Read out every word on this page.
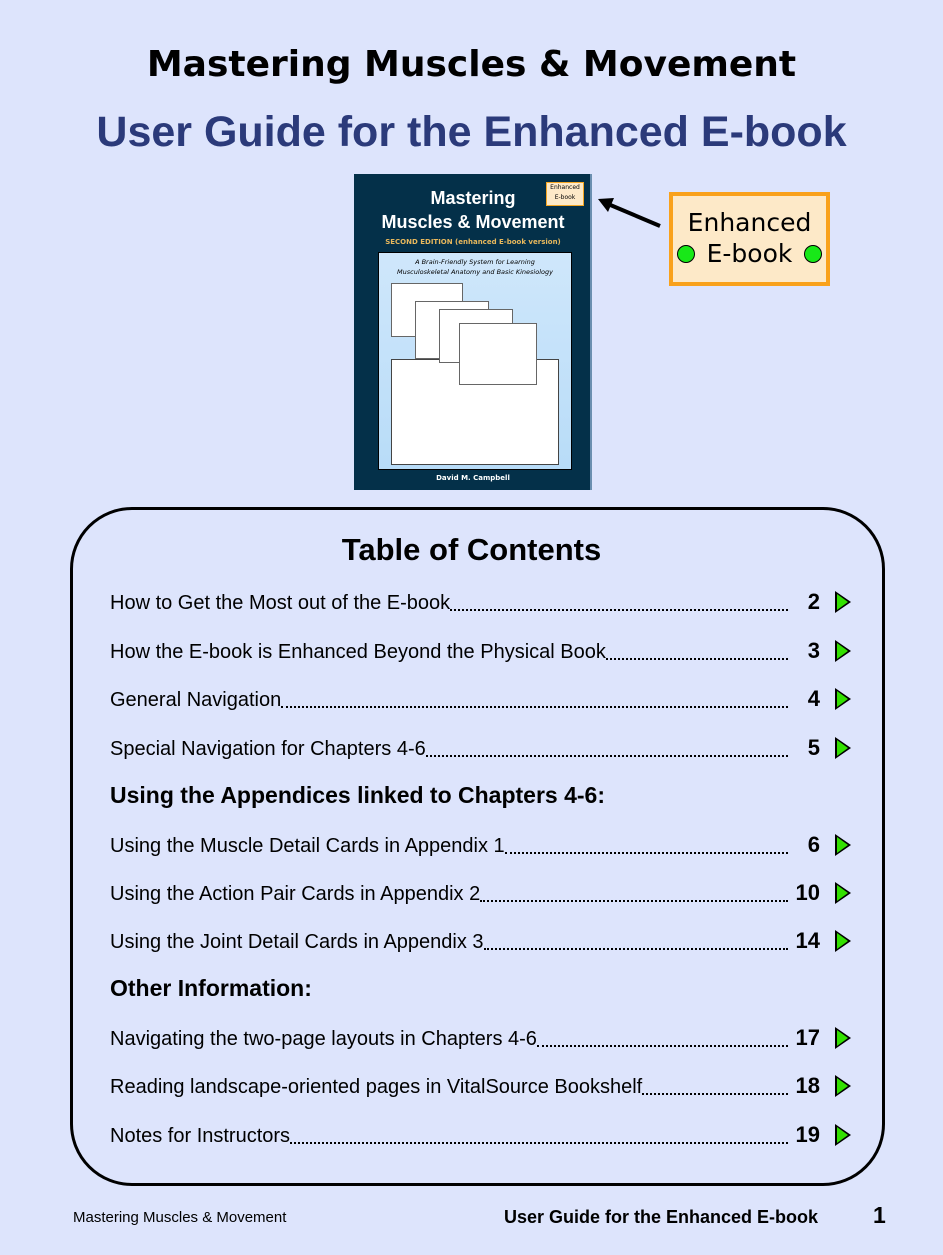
Mastering Muscles & Movement
User Guide for the Enhanced E-book
Mastering
Muscles & Movement
Enhanced
E-book
SECOND EDITION (enhanced E-book version)
A Brain-Friendly System for Learning
Musculoskeletal Anatomy and Basic Kinesiology
David M. Campbell
Enhanced
E-book
Table of Contents
How to Get the Most out of the E-book	2
How the E-book is Enhanced Beyond the Physical Book	3
General Navigation	4
Special Navigation for Chapters 4-6	5
Using the Muscle Detail Cards in Appendix 1	6
Using the Action Pair Cards in Appendix 2	10
Using the Joint Detail Cards in Appendix 3	14
Navigating the two-page layouts in Chapters 4-6	17
Reading landscape-oriented pages in VitalSource Bookshelf	18
Notes for Instructors	19
Using the Appendices linked to Chapters 4-6:
Other Information:
Mastering Muscles & Movement	User Guide for the Enhanced E-book 1
